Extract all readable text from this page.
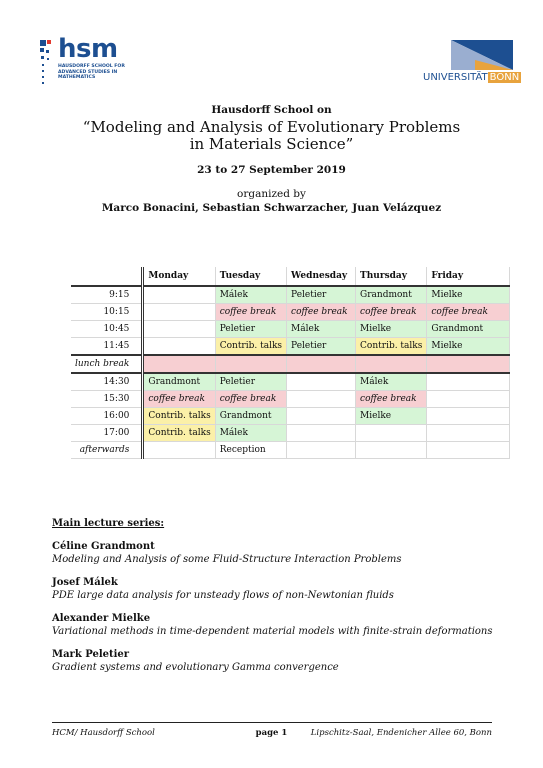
hsm
HAUSDORFF SCHOOL FOR ADVANCED STUDIES IN MATHEMATICS	UNIVERSITÄT BONN
Hausdorff School on
“Modeling and Analysis of Evolutionary Problems
in Materials Science”
23 to 27 September 2019
organized by
Marco Bonacini, Sebastian Schwarzacher, Juan Velázquez
	Monday	Tuesday	Wednesday	Thursday	Friday
9:15		Málek	Peletier	Grandmont	Mielke
10:15		coffee break	coffee break	coffee break	coffee break
10:45		Peletier	Málek	Mielke	Grandmont
11:45		Contrib. talks	Peletier	Contrib. talks	Mielke
lunch break					
14:30	Grandmont	Peletier		Málek	
15:30	coffee break	coffee break		coffee break	
16:00	Contrib. talks	Grandmont		Mielke	
17:00	Contrib. talks	Málek			
afterwards		Reception			
Main lecture series:
Céline Grandmont
Modeling and Analysis of some Fluid-Structure Interaction Problems
Josef Málek
PDE large data analysis for unsteady flows of non-Newtonian fluids
Alexander Mielke
Variational methods in time-dependent material models with finite-strain deformations
Mark Peletier
Gradient systems and evolutionary Gamma convergence
page 1
HCM/ Hausdorff School	Lipschitz-Saal, Endenicher Allee 60, Bonn
